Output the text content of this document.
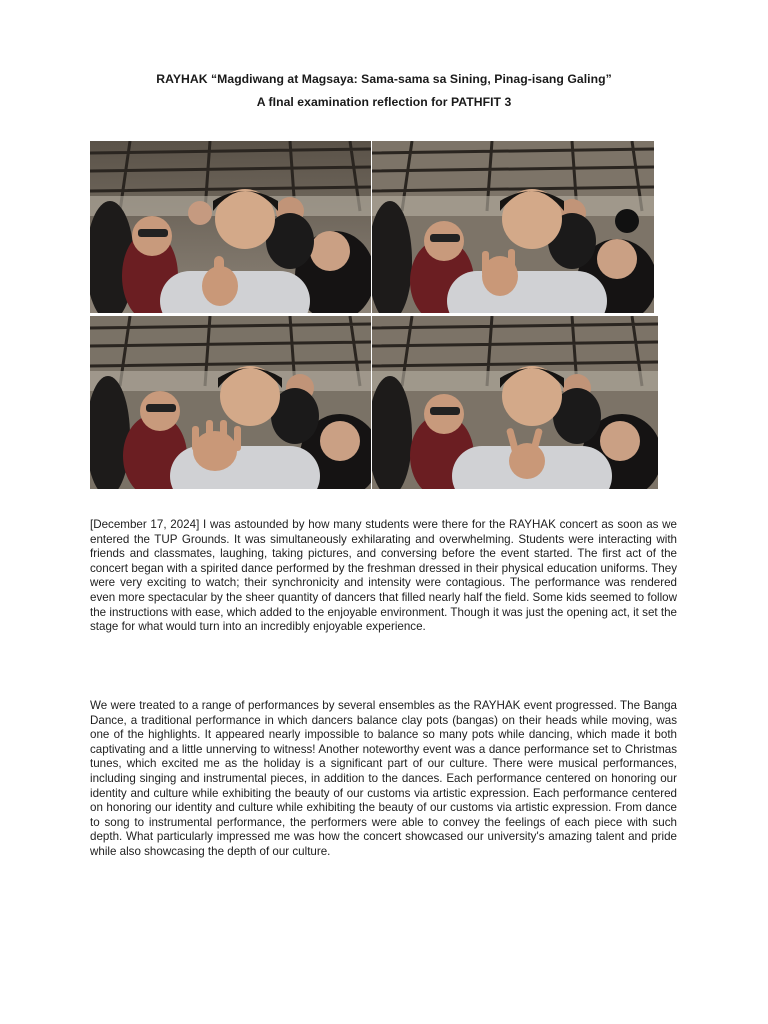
RAYHAK “Magdiwang at Magsaya: Sama-sama sa Sining, Pinag-isang Galing”
A fInal examination reflection for PATHFIT 3
[December 17, 2024] I was astounded by how many students were there for the RAYHAK concert as soon as we entered the TUP Grounds. It was simultaneously exhilarating and overwhelming. Students were interacting with friends and classmates, laughing, taking pictures, and conversing before the event started. The first act of the concert began with a spirited dance performed by the freshman dressed in their physical education uniforms. They were very exciting to watch; their synchronicity and intensity were contagious. The performance was rendered even more spectacular by the sheer quantity of dancers that filled nearly half the field. Some kids seemed to follow the instructions with ease, which added to the enjoyable environment. Though it was just the opening act, it set the stage for what would turn into an incredibly enjoyable experience.
We were treated to a range of performances by several ensembles as the RAYHAK event progressed. The Banga Dance, a traditional performance in which dancers balance clay pots (bangas) on their heads while moving, was one of the highlights. It appeared nearly impossible to balance so many pots while dancing, which made it both captivating and a little unnerving to witness! Another noteworthy event was a dance performance set to Christmas tunes, which excited me as the holiday is a significant part of our culture. There were musical performances, including singing and instrumental pieces, in addition to the dances. Each performance centered on honoring our identity and culture while exhibiting the beauty of our customs via artistic expression. Each performance centered on honoring our identity and culture while exhibiting the beauty of our customs via artistic expression. From dance to song to instrumental performance, the performers were able to convey the feelings of each piece with such depth. What particularly impressed me was how the concert showcased our university's amazing talent and pride while also showcasing the depth of our culture.
